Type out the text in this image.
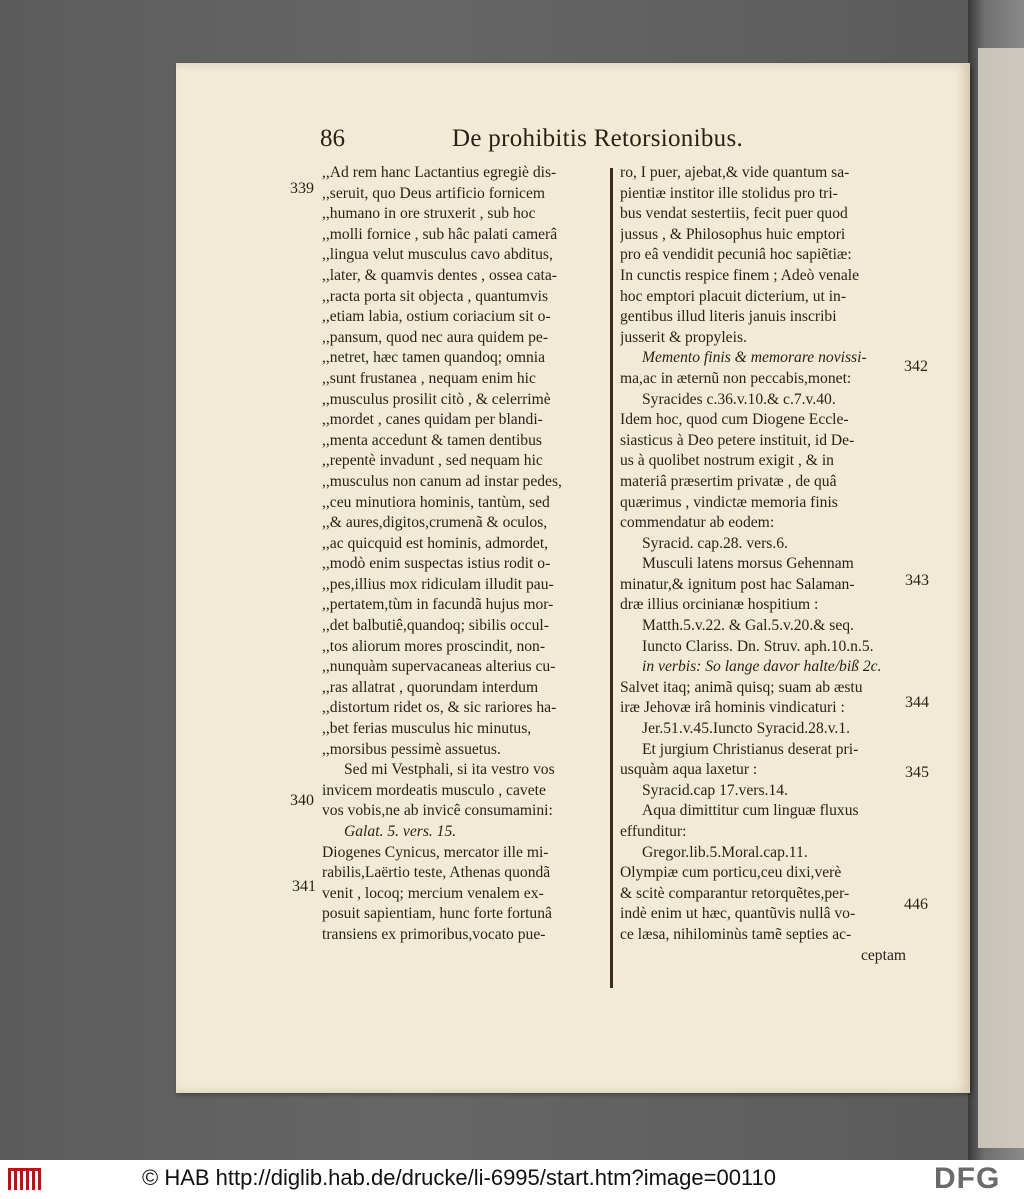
86	De prohibitis Retorsionibus.
,,Ad rem hanc Lactantius egregiè dis-
,,seruit, quo Deus artificio fornicem
,,humano in ore struxerit , sub hoc
,,molli fornice , sub hâc palati camerâ
,,lingua velut musculus cavo abditus,
,,later, & quamvis dentes , ossea cata-
,,racta porta sit objecta , quantumvis
,,etiam labia, ostium coriacium sit o-
,,pansum, quod nec aura quidem pe-
,,netret, hæc tamen quandoq; omnia
,,sunt frustanea , nequam enim hic
,,musculus prosilit citò , & celerrimè
,,mordet , canes quidam per blandi-
,,menta accedunt & tamen dentibus
,,repentè invadunt , sed nequam hic
,,musculus non canum ad instar pedes,
,,ceu minutiora hominis, tantùm, sed
,,& aures,digitos,crumenã & oculos,
,,ac quicquid est hominis, admordet,
,,modò enim suspectas istius rodit o-
,,pes,illius mox ridiculam illudit pau-
,,pertatem,tùm in facundã hujus mor-
,,det balbutiê,quandoq; sibilis occul-
,,tos aliorum mores proscindit, non-
,,nunquàm supervacaneas alterius cu-
,,ras allatrat , quorundam interdum
,,distortum ridet os, & sic rariores ha-
,,bet ferias musculus hic minutus,
,,morsibus pessimè assuetus.
Sed mi Vestphali, si ita vestro vos
invicem mordeatis musculo , cavete
vos vobis,ne ab invicê consumamini:
Galat. 5. vers. 15.
Diogenes Cynicus, mercator ille mi-
rabilis,Laërtio teste, Athenas quondã
venit , locoq; mercium venalem ex-
posuit sapientiam, hunc forte fortunâ
transiens ex primoribus,vocato pue-
ro, I puer, ajebat,& vide quantum sa-
pientiæ institor ille stolidus pro tri-
bus vendat sestertiis, fecit puer quod
jussus , & Philosophus huic emptori
pro eâ vendidit pecuniâ hoc sapiẽtiæ:
In cunctis respice finem ; Adeò venale
hoc emptori placuit dicterium, ut in-
gentibus illud literis januis inscribi
jusserit & propyleis.
Memento finis & memorare novissi-
ma,ac in æternũ non peccabis,monet:
Syracides c.36.v.10.& c.7.v.40.
Idem hoc, quod cum Diogene Eccle-
siasticus à Deo petere instituit, id De-
us à quolibet nostrum exigit , & in
materiâ præsertim privatæ , de quâ
quærimus , vindictæ memoria finis
commendatur ab eodem:
Syracid. cap.28. vers.6.
Musculi latens morsus Gehennam
minatur,& ignitum post hac Salaman-
dræ illius orcinianæ hospitium :
Matth.5.v.22. & Gal.5.v.20.& seq.
Iuncto Clariss. Dn. Struv. aph.10.n.5.
in verbis: So lange davor halte/biß 2c.
Salvet itaq; animã quisq; suam ab æstu
iræ Jehovæ irâ hominis vindicaturi :
Jer.51.v.45.Iuncto Syracid.28.v.1.
Et jurgium Christianus deserat pri-
usquàm aqua laxetur :
Syracid.cap 17.vers.14.
Aqua dimittitur cum linguæ fluxus
effunditur:
Gregor.lib.5.Moral.cap.11.
Olympiæ cum porticu,ceu dixi,verè
& scitè comparantur retorquẽtes,per-
indè enim ut hæc, quantũvis nullâ vo-
ce læsa, nihilominùs tamẽ septies ac-
ceptam
339
340
341
342
343
344
345
446
© HAB http://diglib.hab.de/drucke/li-6995/start.htm?image=00110	DFG
